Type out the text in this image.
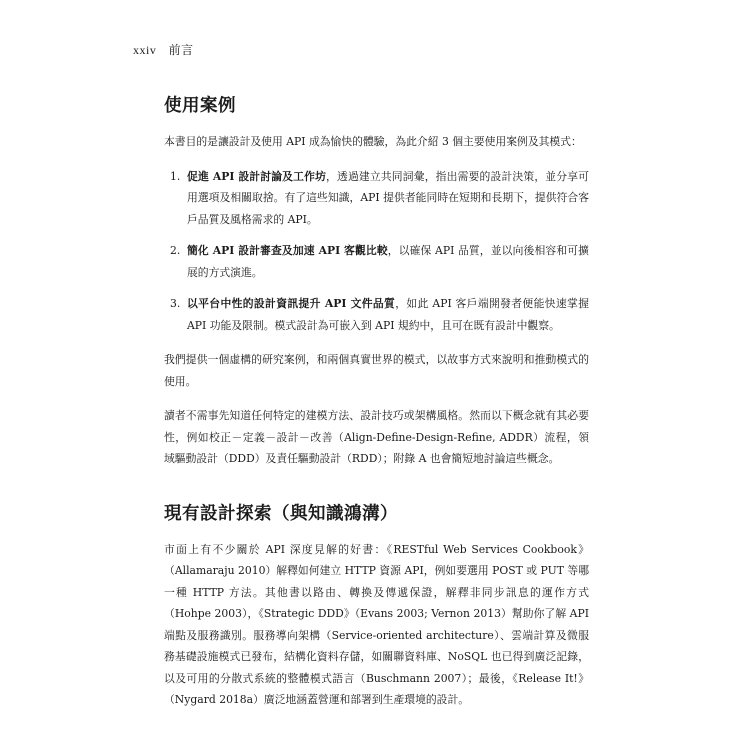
xxiv 前言
使用案例

本書目的是讓設計及使用 API 成為愉快的體驗，為此介紹 3 個主要使用案例及其模式：

1. 促進 API 設計討論及工作坊，透過建立共同詞彙，指出需要的設計決策，並分享可用選項及相關取捨。有了這些知識，API 提供者能同時在短期和長期下，提供符合客戶品質及風格需求的 API。
2. 簡化 API 設計審查及加速 API 客觀比較，以確保 API 品質，並以向後相容和可擴展的方式演進。
3. 以平台中性的設計資訊提升 API 文件品質，如此 API 客戶端開發者便能快速掌握 API 功能及限制。模式設計為可嵌入到 API 規約中，且可在既有設計中觀察。

我們提供一個虛構的研究案例，和兩個真實世界的模式，以故事方式來說明和推動模式的使用。

讀者不需事先知道任何特定的建模方法、設計技巧或架構風格。然而以下概念就有其必要性，例如校正－定義－設計－改善（Align-Define-Design-Refine, ADDR）流程，領域驅動設計（DDD）及責任驅動設計（RDD）；附錄 A 也會簡短地討論這些概念。

現有設計探索（與知識鴻溝）

市面上有不少關於 API 深度見解的好書：《RESTful Web Services Cookbook》（Allamaraju 2010）解釋如何建立 HTTP 資源 API，例如要選用 POST 或 PUT 等哪一種 HTTP 方法。其他書以路由、轉換及傳遞保證，解釋非同步訊息的運作方式（Hohpe 2003），《Strategic DDD》（Evans 2003; Vernon 2013）幫助你了解 API 端點及服務識別。服務導向架構（Service-oriented architecture）、雲端計算及微服務基礎設施模式已發布，結構化資料存儲，如關聯資料庫、NoSQL 也已得到廣泛記錄，以及可用的分散式系統的整體模式語言（Buschmann 2007）；最後，《Release It!》（Nygard 2018a）廣泛地涵蓋營運和部署到生產環境的設計。
